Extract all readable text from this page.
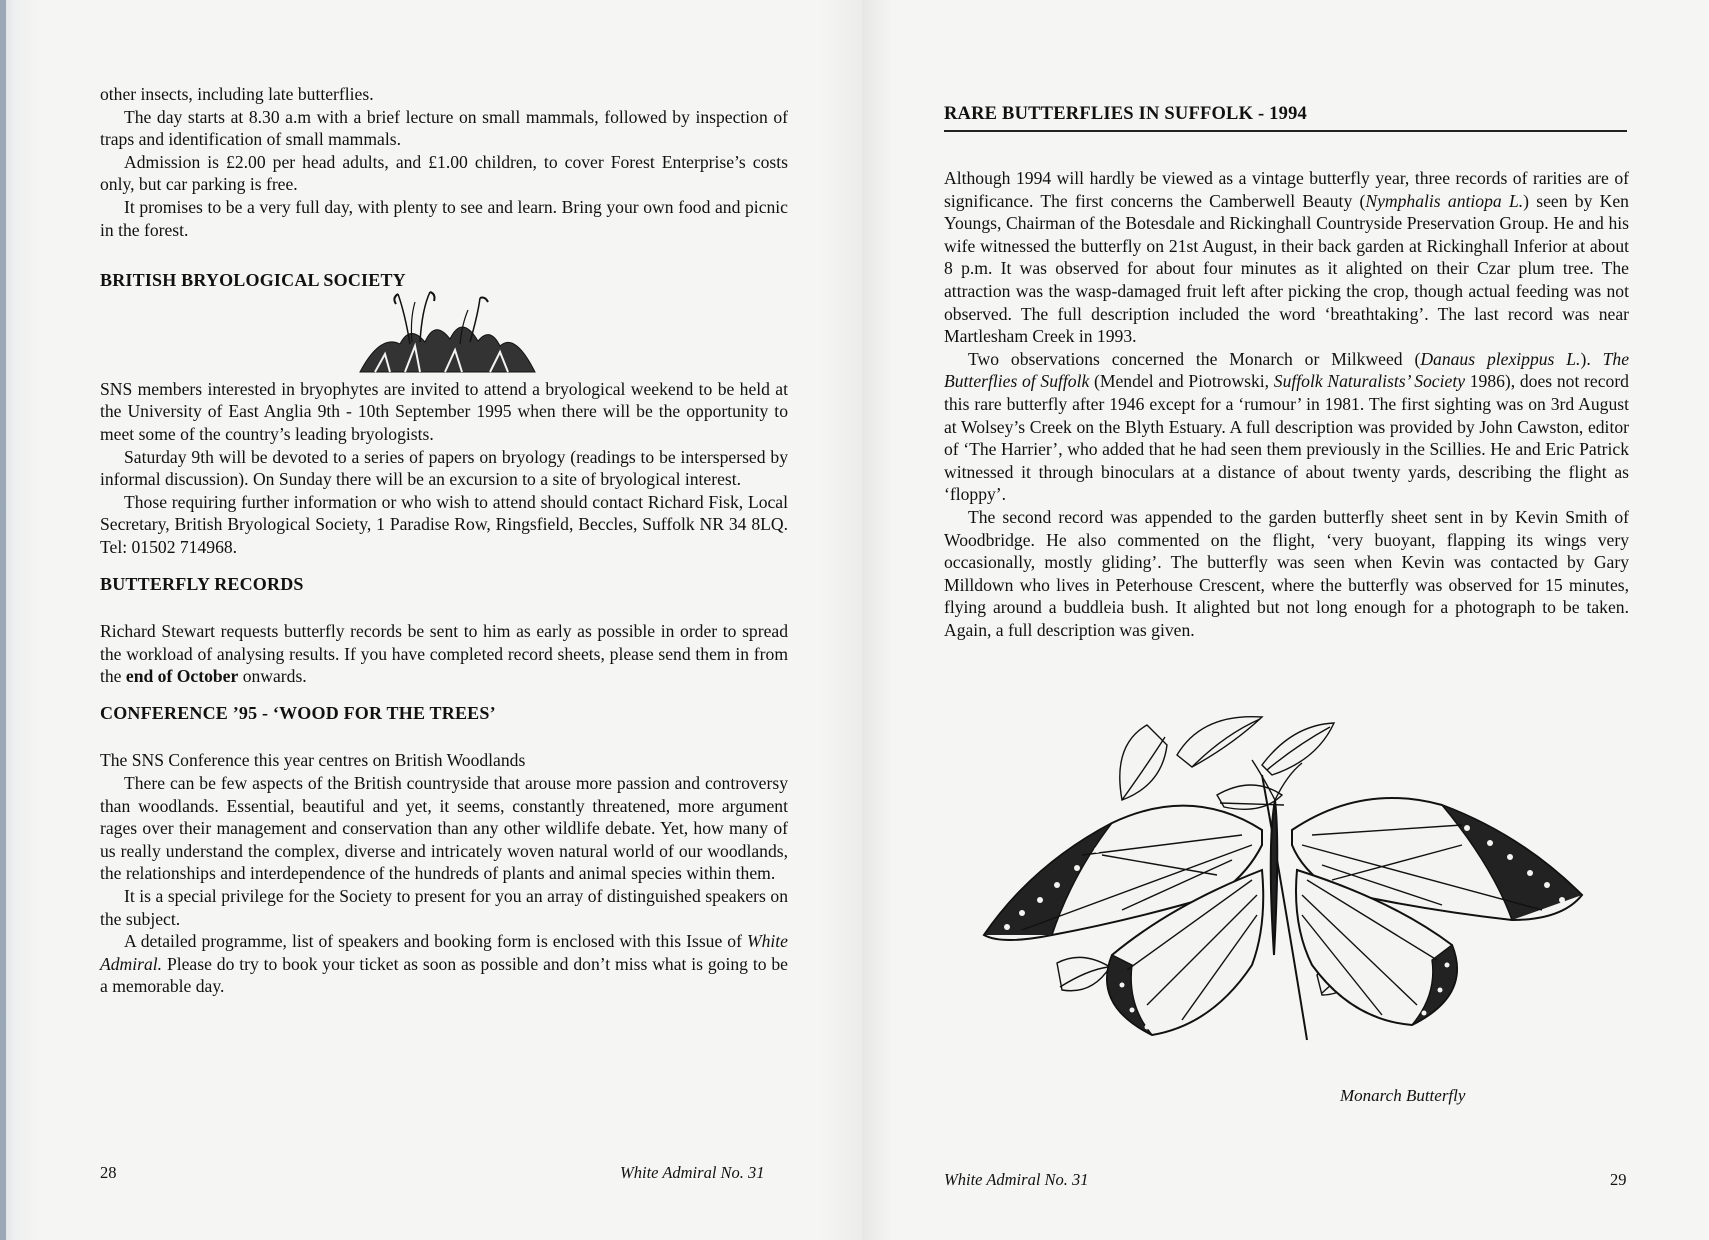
other insects, including late butterflies.

The day starts at 8.30 a.m with a brief lecture on small mammals, followed by inspection of traps and identification of small mammals.

Admission is £2.00 per head adults, and £1.00 children, to cover Forest Enterprise’s costs only, but car parking is free.

It promises to be a very full day, with plenty to see and learn. Bring your own food and picnic in the forest.

BRITISH BRYOLOGICAL SOCIETY

SNS members interested in bryophytes are invited to attend a bryological weekend to be held at the University of East Anglia 9th - 10th September 1995 when there will be the opportunity to meet some of the country’s leading bryologists.

Saturday 9th will be devoted to a series of papers on bryology (readings to be interspersed by informal discussion). On Sunday there will be an excursion to a site of bryological interest.

Those requiring further information or who wish to attend should contact Richard Fisk, Local Secretary, British Bryological Society, 1 Paradise Row, Ringsfield, Beccles, Suffolk NR 34 8LQ. Tel: 01502 714968.

BUTTERFLY RECORDS

Richard Stewart requests butterfly records be sent to him as early as possible in order to spread the workload of analysing results. If you have completed record sheets, please send them in from the end of October onwards.

CONFERENCE ’95 - ‘WOOD FOR THE TREES’

The SNS Conference this year centres on British Woodlands

There can be few aspects of the British countryside that arouse more passion and controversy than woodlands. Essential, beautiful and yet, it seems, constantly threatened, more argument rages over their management and conservation than any other wildlife debate. Yet, how many of us really understand the complex, diverse and intricately woven natural world of our woodlands, the relationships and interdependence of the hundreds of plants and animal species within them.

It is a special privilege for the Society to present for you an array of distinguished speakers on the subject.

A detailed programme, list of speakers and booking form is enclosed with this Issue of White Admiral. Please do try to book your ticket as soon as possible and don’t miss what is going to be a memorable day.

28	White Admiral No. 31

RARE BUTTERFLIES IN SUFFOLK - 1994

Although 1994 will hardly be viewed as a vintage butterfly year, three records of rarities are of significance. The first concerns the Camberwell Beauty (Nymphalis antiopa L.) seen by Ken Youngs, Chairman of the Botesdale and Rickinghall Countryside Preservation Group. He and his wife witnessed the butterfly on 21st August, in their back garden at Rickinghall Inferior at about 8 p.m. It was observed for about four minutes as it alighted on their Czar plum tree. The attraction was the wasp-damaged fruit left after picking the crop, though actual feeding was not observed. The full description included the word ‘breathtaking’. The last record was near Martlesham Creek in 1993.

Two observations concerned the Monarch or Milkweed (Danaus plexippus L.). The Butterflies of Suffolk (Mendel and Piotrowski, Suffolk Naturalists’ Society 1986), does not record this rare butterfly after 1946 except for a ‘rumour’ in 1981. The first sighting was on 3rd August at Wolsey’s Creek on the Blyth Estuary. A full description was provided by John Cawston, editor of ‘The Harrier’, who added that he had seen them previously in the Scillies. He and Eric Patrick witnessed it through binoculars at a distance of about twenty yards, describing the flight as ‘floppy’.

The second record was appended to the garden butterfly sheet sent in by Kevin Smith of Woodbridge. He also commented on the flight, ‘very buoyant, flapping its wings very occasionally, mostly gliding’. The butterfly was seen when Kevin was contacted by Gary Milldown who lives in Peterhouse Crescent, where the butterfly was observed for 15 minutes, flying around a buddleia bush. It alighted but not long enough for a photograph to be taken. Again, a full description was given.

Monarch Butterfly
White Admiral No. 31	29
